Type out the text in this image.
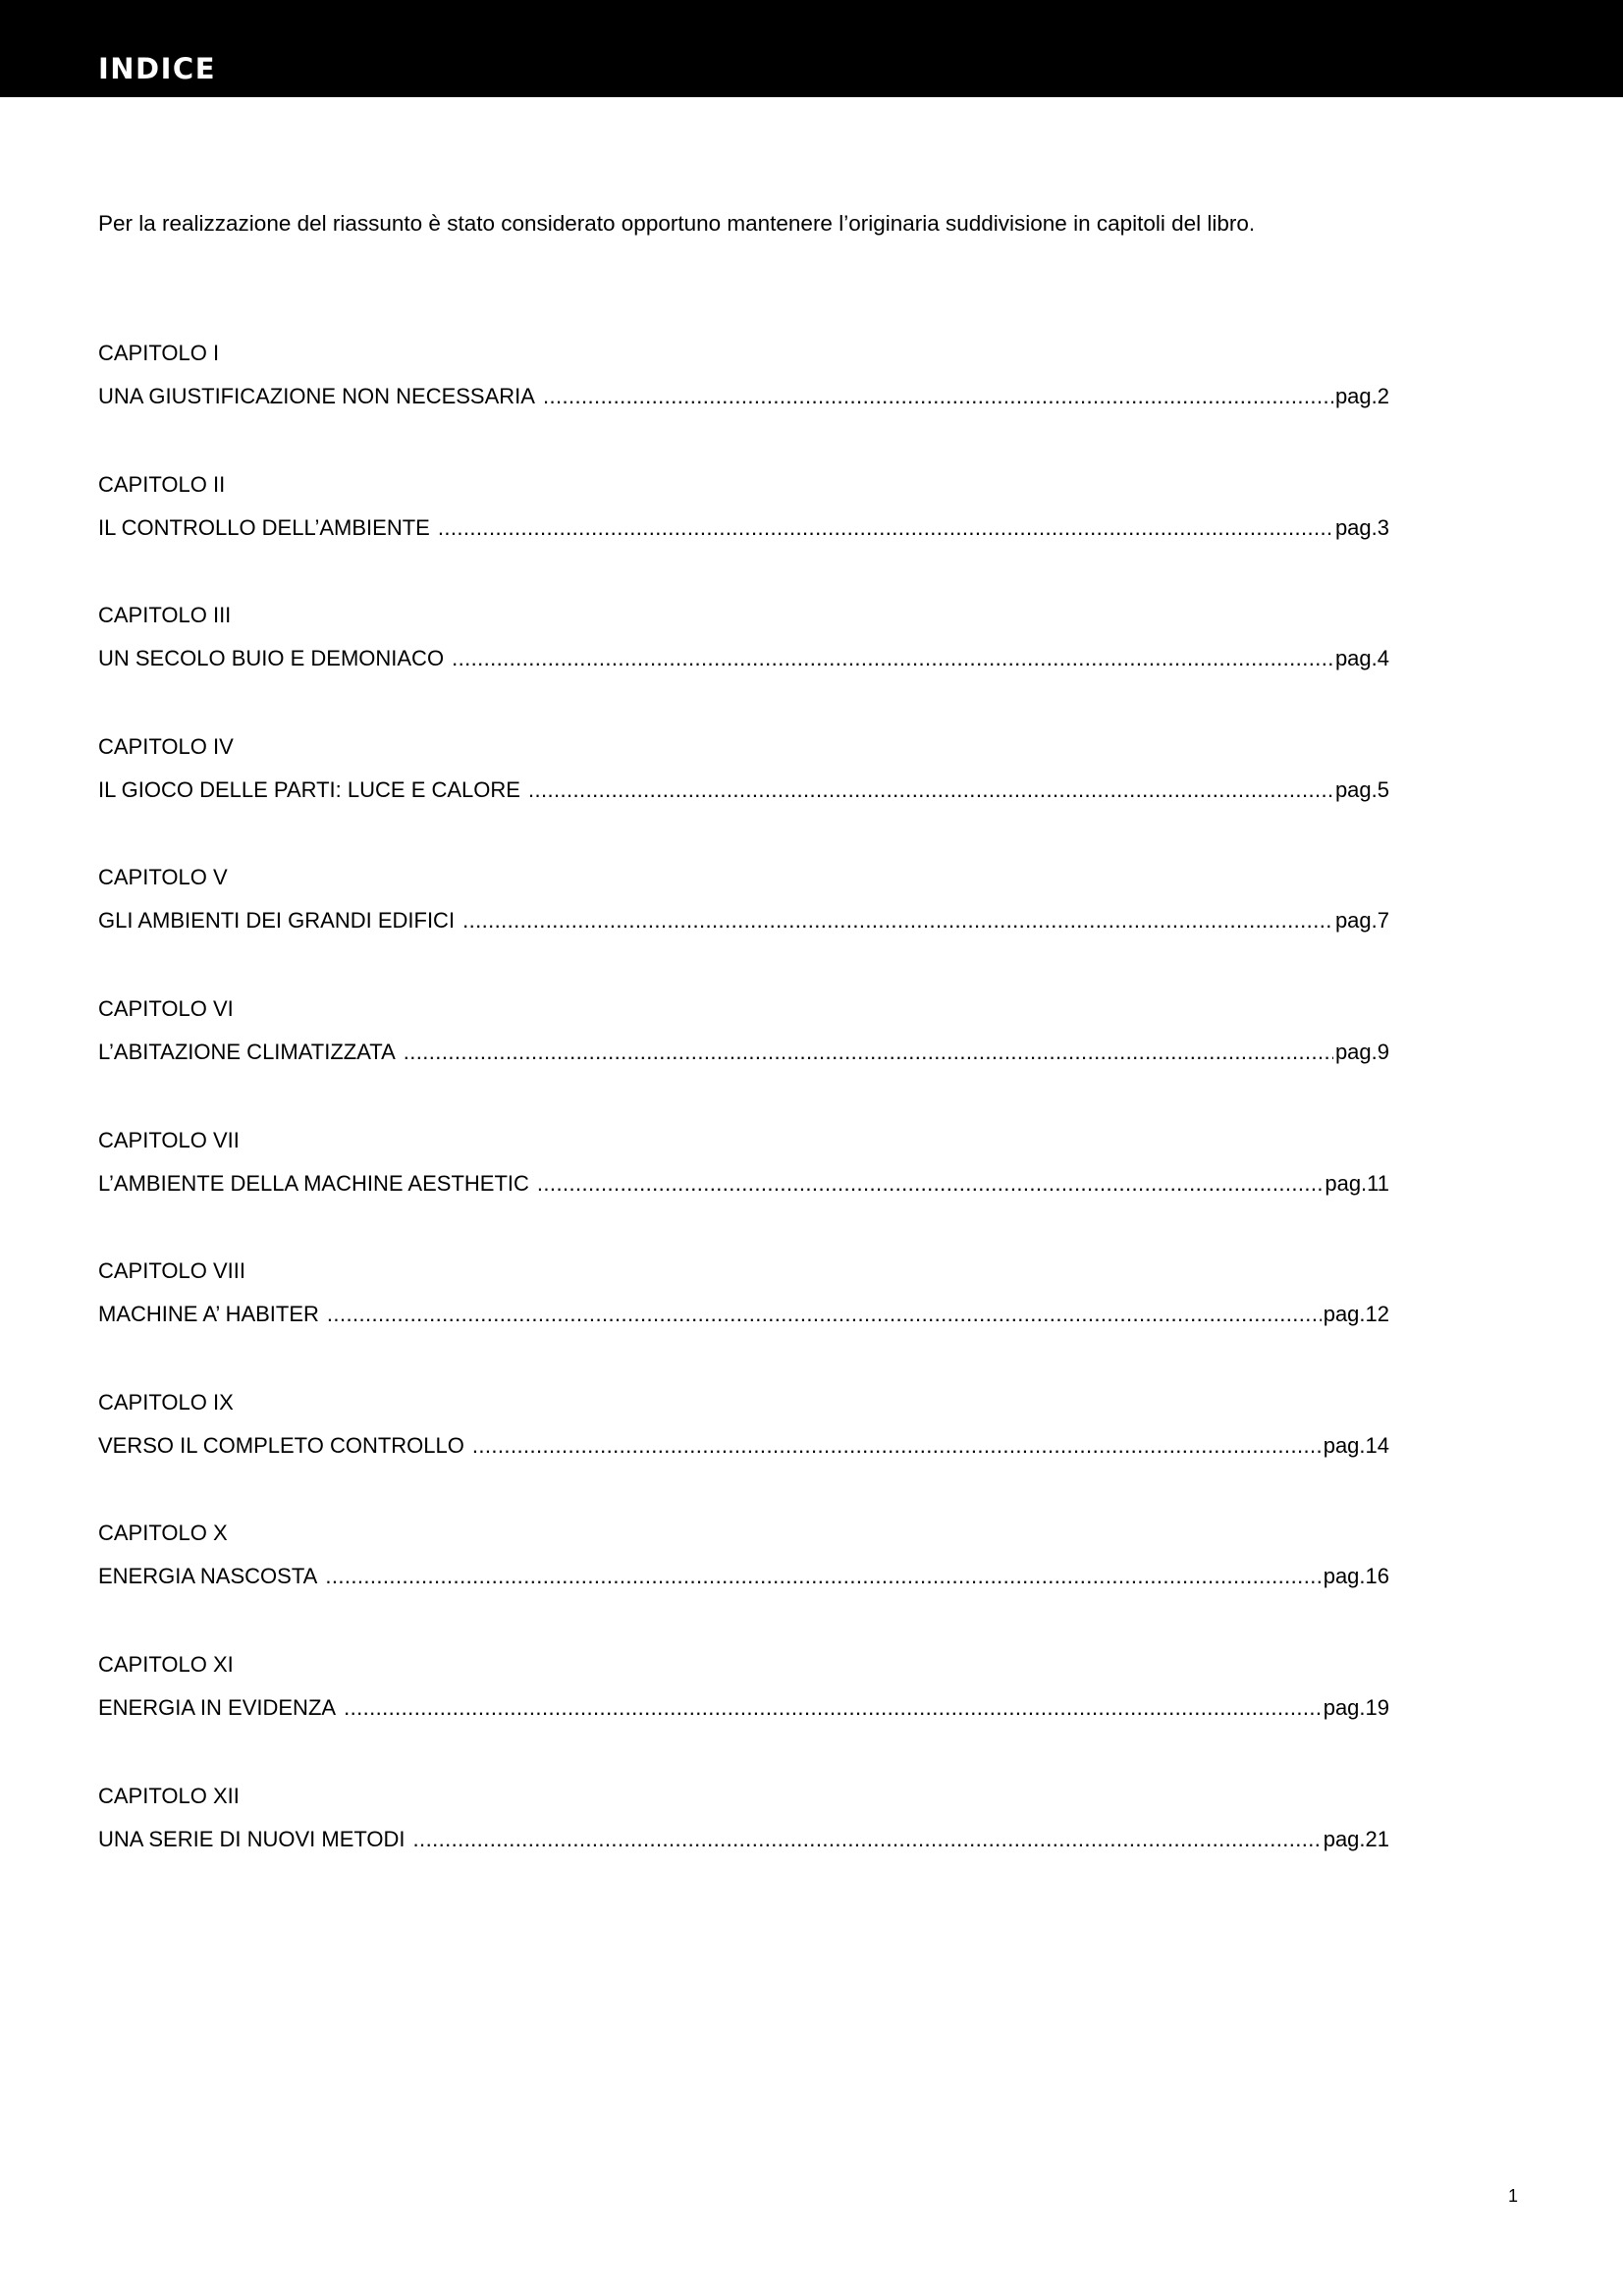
INDICE
Per la realizzazione del riassunto è stato considerato opportuno mantenere l’originaria suddivisione in capitoli del libro.
CAPITOLO I
UNA GIUSTIFICAZIONE NON NECESSARIA .....	pag.2
CAPITOLO II
IL CONTROLLO DELL’AMBIENTE .....	pag.3
CAPITOLO III
UN SECOLO BUIO E DEMONIACO .....	pag.4
CAPITOLO IV
IL GIOCO DELLE PARTI: LUCE E CALORE .....	pag.5
CAPITOLO V
GLI AMBIENTI DEI GRANDI EDIFICI .....	pag.7
CAPITOLO VI
L’ABITAZIONE CLIMATIZZATA .....	pag.9
CAPITOLO VII
L’AMBIENTE DELLA MACHINE AESTHETIC .....	pag.11
CAPITOLO VIII
MACHINE A’ HABITER .....	pag.12
CAPITOLO IX
VERSO IL COMPLETO CONTROLLO .....	pag.14
CAPITOLO X
ENERGIA NASCOSTA .....	pag.16
CAPITOLO XI
ENERGIA IN EVIDENZA .....	pag.19
CAPITOLO XII
UNA SERIE DI NUOVI METODI .....	pag.21
1
